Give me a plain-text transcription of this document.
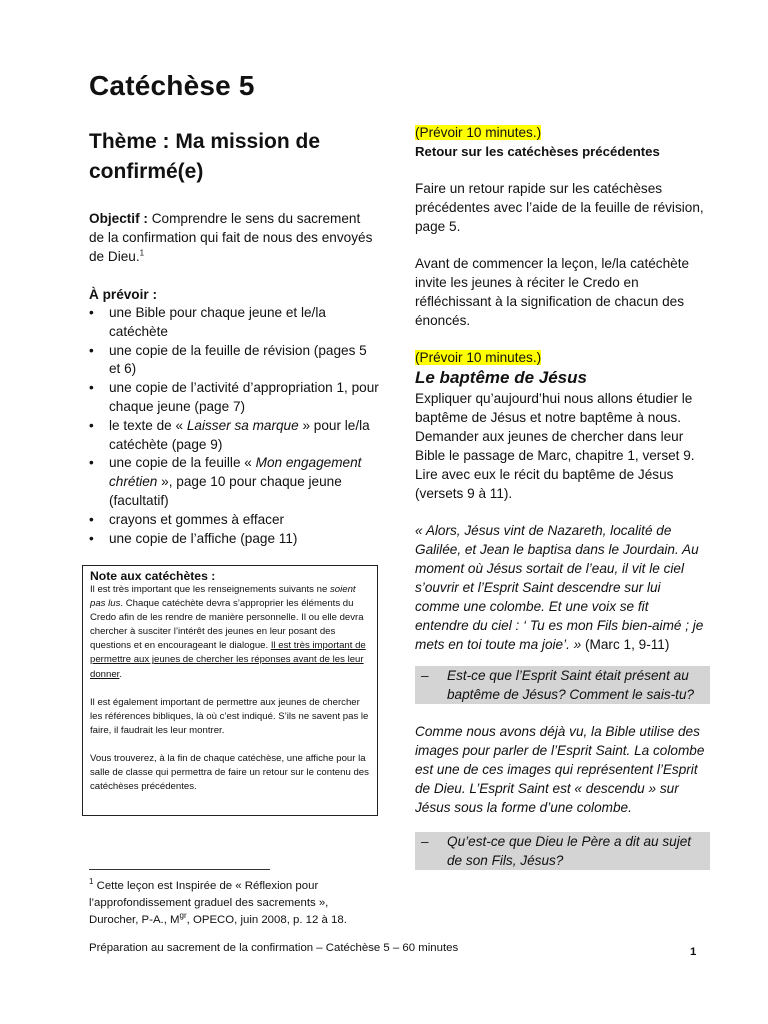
Catéchèse 5
Thème : Ma mission de confirmé(e)

Objectif : Comprendre le sens du sacrement de la confirmation qui fait de nous des envoyés de Dieu.$^1$

À prévoir :
• une Bible pour chaque jeune et le/la catéchète
• une copie de la feuille de révision (pages 5 et 6)
• une copie de l’activité d’appropriation 1, pour chaque jeune (page 7)
• le texte de « Laisser sa marque » pour le/la catéchète (page 9)
• une copie de la feuille « Mon engagement chrétien », page 10 pour chaque jeune (facultatif)
• crayons et gommes à effacer
• une copie de l’affiche (page 11)
Note aux catéchètes :

Il est très important que les renseignements suivants ne soient pas lus. Chaque catéchète devra s’approprier les éléments du Credo afin de les rendre de manière personnelle. Il ou elle devra chercher à susciter l’intérêt des jeunes en leur posant des questions et en encourageant le dialogue. Il est très important de permettre aux jeunes de chercher les réponses avant de les leur donner.

Il est également important de permettre aux jeunes de chercher les références bibliques, là où c’est indiqué. S’ils ne savent pas le faire, il faudrait les leur montrer.

Vous trouverez, à la fin de chaque catéchèse, une affiche pour la salle de classe qui permettra de faire un retour sur le contenu des catéchèses précédentes.

$^1$ Cette leçon est Inspirée de « Réflexion pour l’approfondissement graduel des sacrements », Durocher, P-A., $M^{gr}$, OPECO, juin 2008, p. 12 à 18.
Préparation au sacrement de la confirmation – Catéchèse 5 – 60 minutes	1

(Prévoir 10 minutes.)

Retour sur les catéchèses précédentes

Faire un retour rapide sur les catéchèses précédentes avec l’aide de la feuille de révision, page 5.

Avant de commencer la leçon, le/la catéchète invite les jeunes à réciter le Credo en réfléchissant à la signification de chacun des énoncés.

(Prévoir 10 minutes.)

Le baptême de Jésus

Expliquer qu’aujourd’hui nous allons étudier le baptême de Jésus et notre baptême à nous. Demander aux jeunes de chercher dans leur Bible le passage de Marc, chapitre 1, verset 9. Lire avec eux le récit du baptême de Jésus (versets 9 à 11).

« Alors, Jésus vint de Nazareth, localité de Galilée, et Jean le baptisa dans le Jourdain. Au moment où Jésus sortait de l’eau, il vit le ciel s’ouvrir et l’Esprit Saint descendre sur lui comme une colombe. Et une voix se fit entendre du ciel : ‘ Tu es mon Fils bien-aimé ; je mets en toi toute ma joie’. » (Marc 1, 9-11)

– Est-ce que l’Esprit Saint était présent au baptême de Jésus? Comment le sais-tu?

Comme nous avons déjà vu, la Bible utilise des images pour parler de l’Esprit Saint. La colombe est une de ces images qui représentent l’Esprit de Dieu. L’Esprit Saint est « descendu » sur Jésus sous la forme d’une colombe.

– Qu’est-ce que Dieu le Père a dit au sujet de son Fils, Jésus?
